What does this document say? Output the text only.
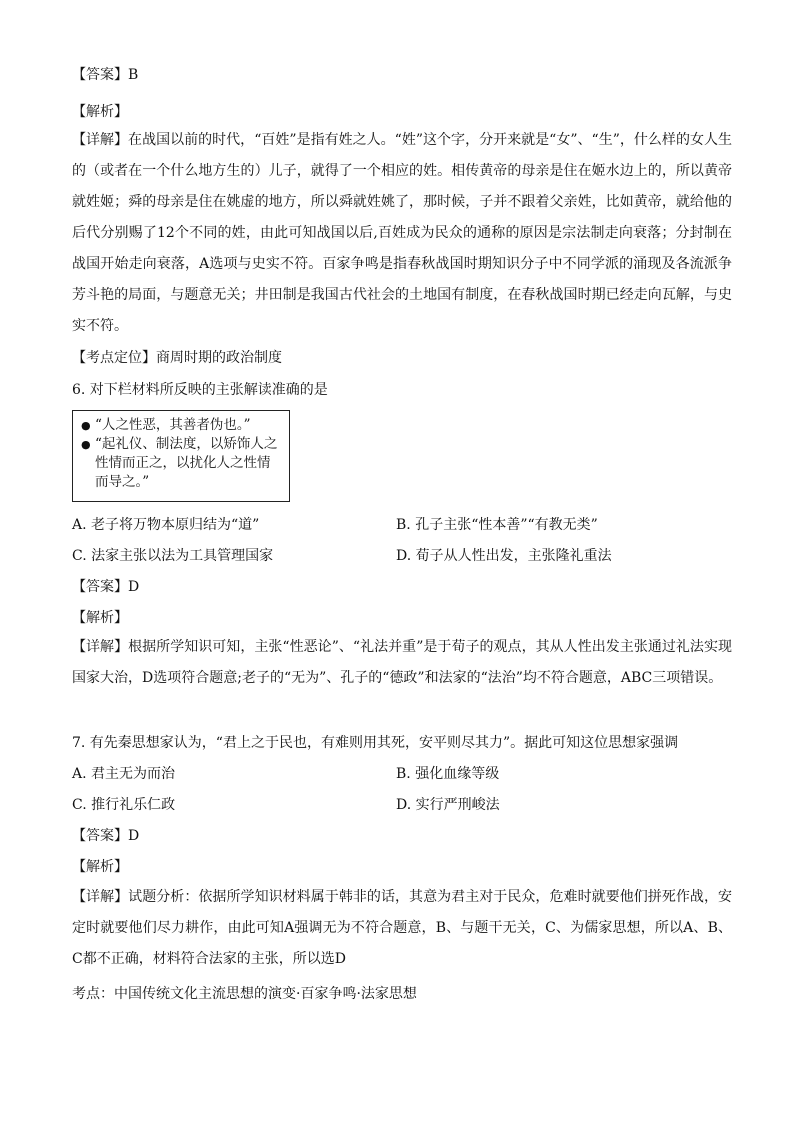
【答案】B
【解析】
【详解】在战国以前的时代，“百姓”是指有姓之人。“姓”这个字，分开来就是“女”、“生”，什么样的女人生的（或者在一个什么地方生的）儿子，就得了一个相应的姓。相传黄帝的母亲是住在姬水边上的，所以黄帝就姓姬；舜的母亲是住在姚虚的地方，所以舜就姓姚了，那时候，子并不跟着父亲姓，比如黄帝，就给他的后代分别赐了12个不同的姓，由此可知战国以后,百姓成为民众的通称的原因是宗法制走向衰落；分封制在战国开始走向衰落，A选项与史实不符。百家争鸣是指春秋战国时期知识分子中不同学派的涌现及各流派争芳斗艳的局面，与题意无关；井田制是我国古代社会的土地国有制度，在春秋战国时期已经走向瓦解，与史实不符。
【考点定位】商周时期的政治制度
6. 对下栏材料所反映的主张解读准确的是
● “人之性恶，其善者伪也。”
● “起礼仪、制法度，以矫饰人之性情而正之，以扰化人之性情而导之。”
A. 老子将万物本原归结为“道”	B. 孔子主张“性本善”“有教无类”
C. 法家主张以法为工具管理国家	D. 荀子从人性出发，主张隆礼重法
【答案】D
【解析】
【详解】根据所学知识可知，主张“性恶论”、“礼法并重”是于荀子的观点，其从人性出发主张通过礼法实现国家大治，D选项符合题意;老子的“无为”、孔子的“德政”和法家的“法治”均不符合题意，ABC三项错误。
7. 有先秦思想家认为，“君上之于民也，有难则用其死，安平则尽其力”。据此可知这位思想家强调
A. 君主无为而治	B. 强化血缘等级
C. 推行礼乐仁政	D. 实行严刑峻法
【答案】D
【解析】
【详解】试题分析：依据所学知识材料属于韩非的话，其意为君主对于民众，危难时就要他们拼死作战，安定时就要他们尽力耕作，由此可知A强调无为不符合题意，B、与题干无关，C、为儒家思想，所以A、B、C都不正确，材料符合法家的主张，所以选D
考点：中国传统文化主流思想的演变·百家争鸣·法家思想
